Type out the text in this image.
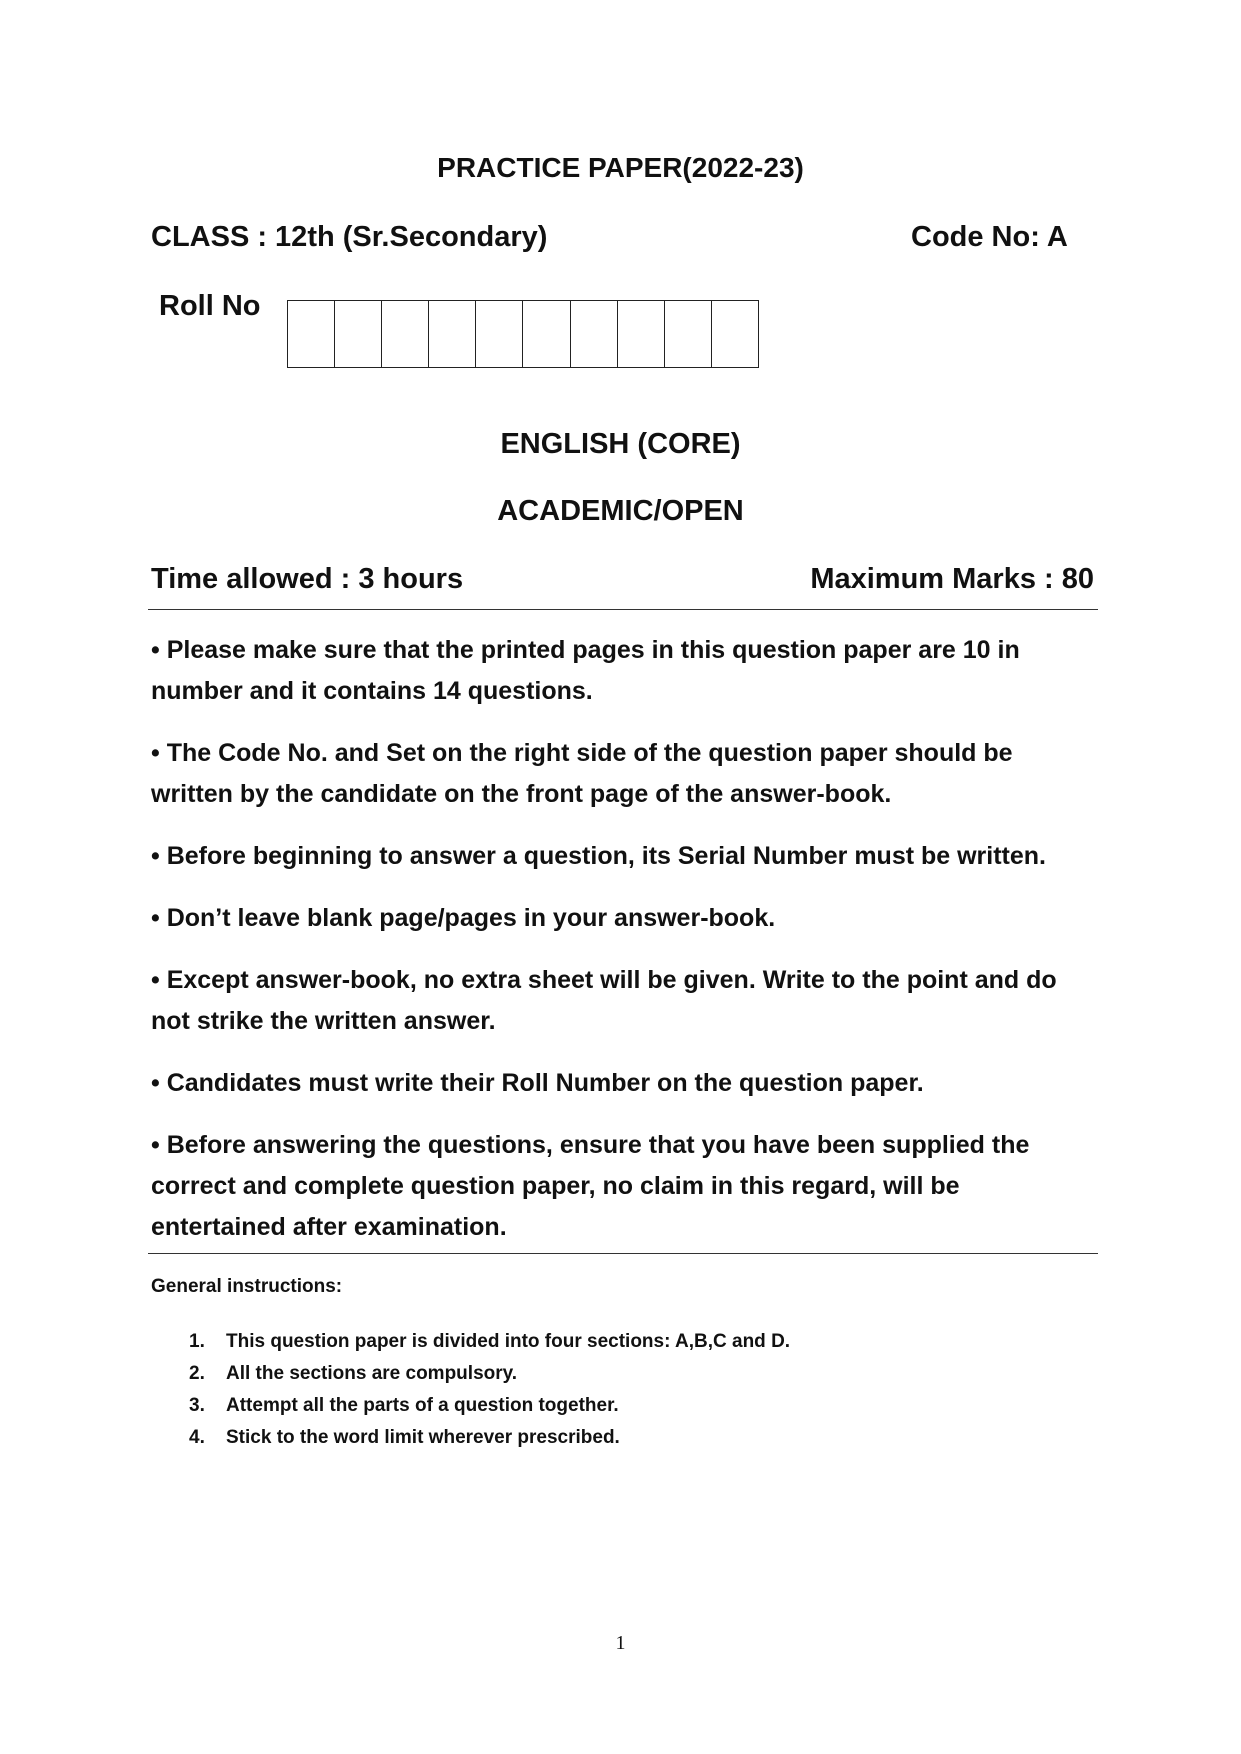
PRACTICE PAPER(2022-23)
CLASS : 12th (Sr.Secondary)	Code No: A
Roll No
ENGLISH (CORE)
ACADEMIC/OPEN
Time allowed : 3 hours	Maximum Marks : 80

• Please make sure that the printed pages in this question paper are 10 in number and it contains 14 questions.

• The Code No. and Set on the right side of the question paper should be written by the candidate on the front page of the answer-book.

• Before beginning to answer a question, its Serial Number must be written.

• Don’t leave blank page/pages in your answer-book.

• Except answer-book, no extra sheet will be given. Write to the point and do not strike the written answer.

• Candidates must write their Roll Number on the question paper.

• Before answering the questions, ensure that you have been supplied the correct and complete question paper, no claim in this regard, will be entertained after examination.

General instructions:
1.	This question paper is divided into four sections: A,B,C and D.
2.	All the sections are compulsory.
3.	Attempt all the parts of a question together.
4.	Stick to the word limit wherever prescribed.
1
